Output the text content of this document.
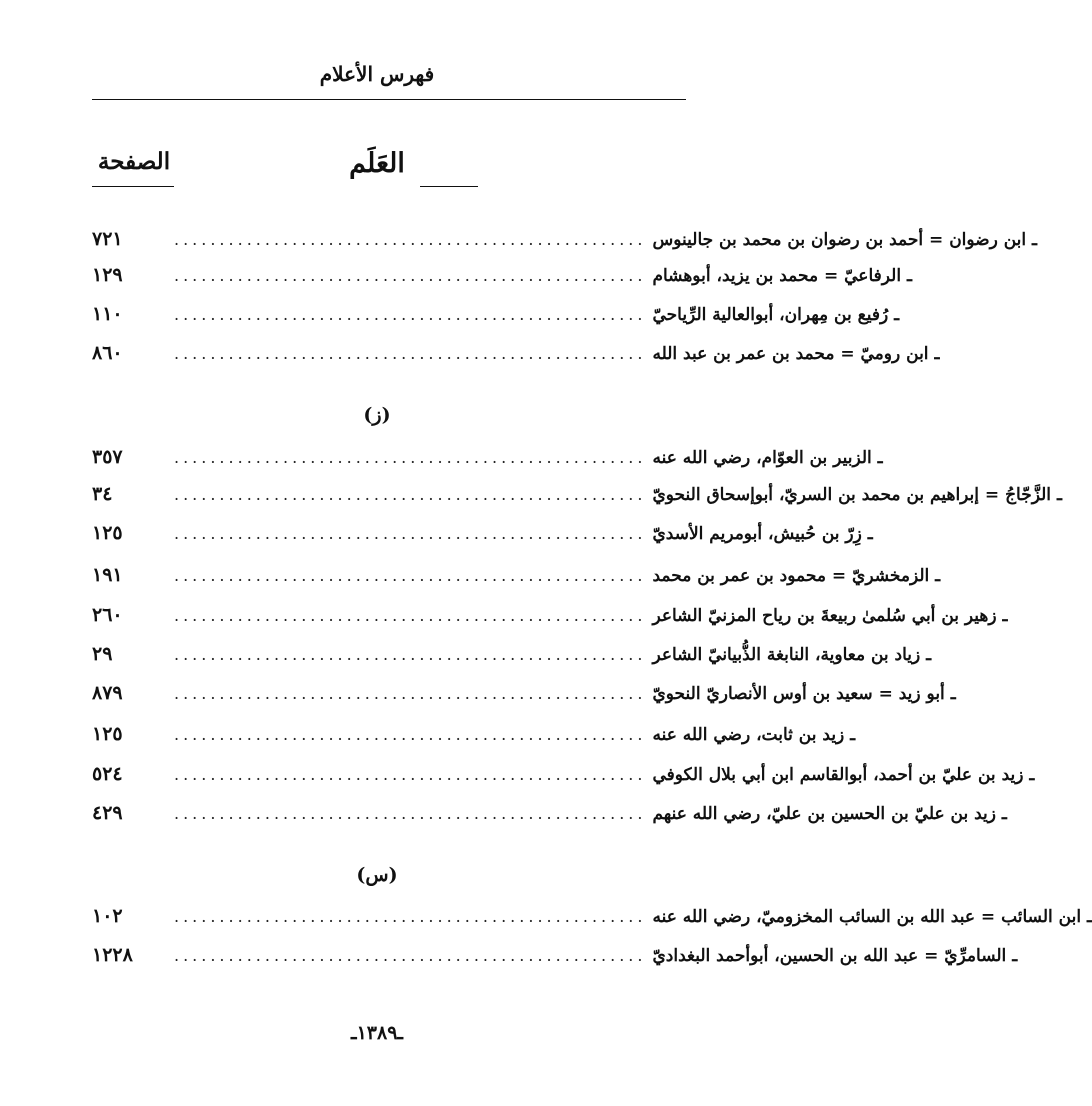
فهرس الأعلام
العَلَم
الصفحة
٧٢١	.................................................... ـ ابن رضوان = أحمد بن رضوان بن محمد بن جالينوس
١٢٩	.................................................... ـ الرفاعيّ = محمد بن يزيد، أبوهشام
١١٠	.................................................... ـ رُفيع بن مِهران، أبوالعالية الرِّياحيّ
٨٦٠	.................................................... ـ ابن روميّ = محمد بن عمر بن عبد الله
(ز)
٣٥٧	.................................................... ـ الزبير بن العوّام، رضي الله عنه
٣٤	.................................................... ـ الزَّجّاجُ = إبراهيم بن محمد بن السريّ، أبوإسحاق النحويّ
١٢٥	.................................................... ـ زِرّ بن حُبيش، أبومريم الأسديّ
١٩١	.................................................... ـ الزمخشريّ = محمود بن عمر بن محمد
٢٦٠	.................................................... ـ زهير بن أبي سُلمىٰ ربيعةَ بن رياح المزنيّ الشاعر
٢٩	.................................................... ـ زياد بن معاوية، النابغة الذُّبيانيّ الشاعر
٨٧٩	.................................................... ـ أبو زيد = سعيد بن أوس الأنصاريّ النحويّ
١٢٥	.................................................... ـ زيد بن ثابت، رضي الله عنه
٥٢٤	.................................................... ـ زيد بن عليّ بن أحمد، أبوالقاسم ابن أبي بلال الكوفي
٤٢٩	.................................................... ـ زيد بن عليّ بن الحسين بن عليّ، رضي الله عنهم
(س)
١٠٢	.................................................... ـ ابن السائب = عبد الله بن السائب المخزوميّ، رضي الله عنه
١٢٢٨	.................................................... ـ السامرِّيّ = عبد الله بن الحسين، أبوأحمد البغداديّ
ـ١٣٨٩ـ
